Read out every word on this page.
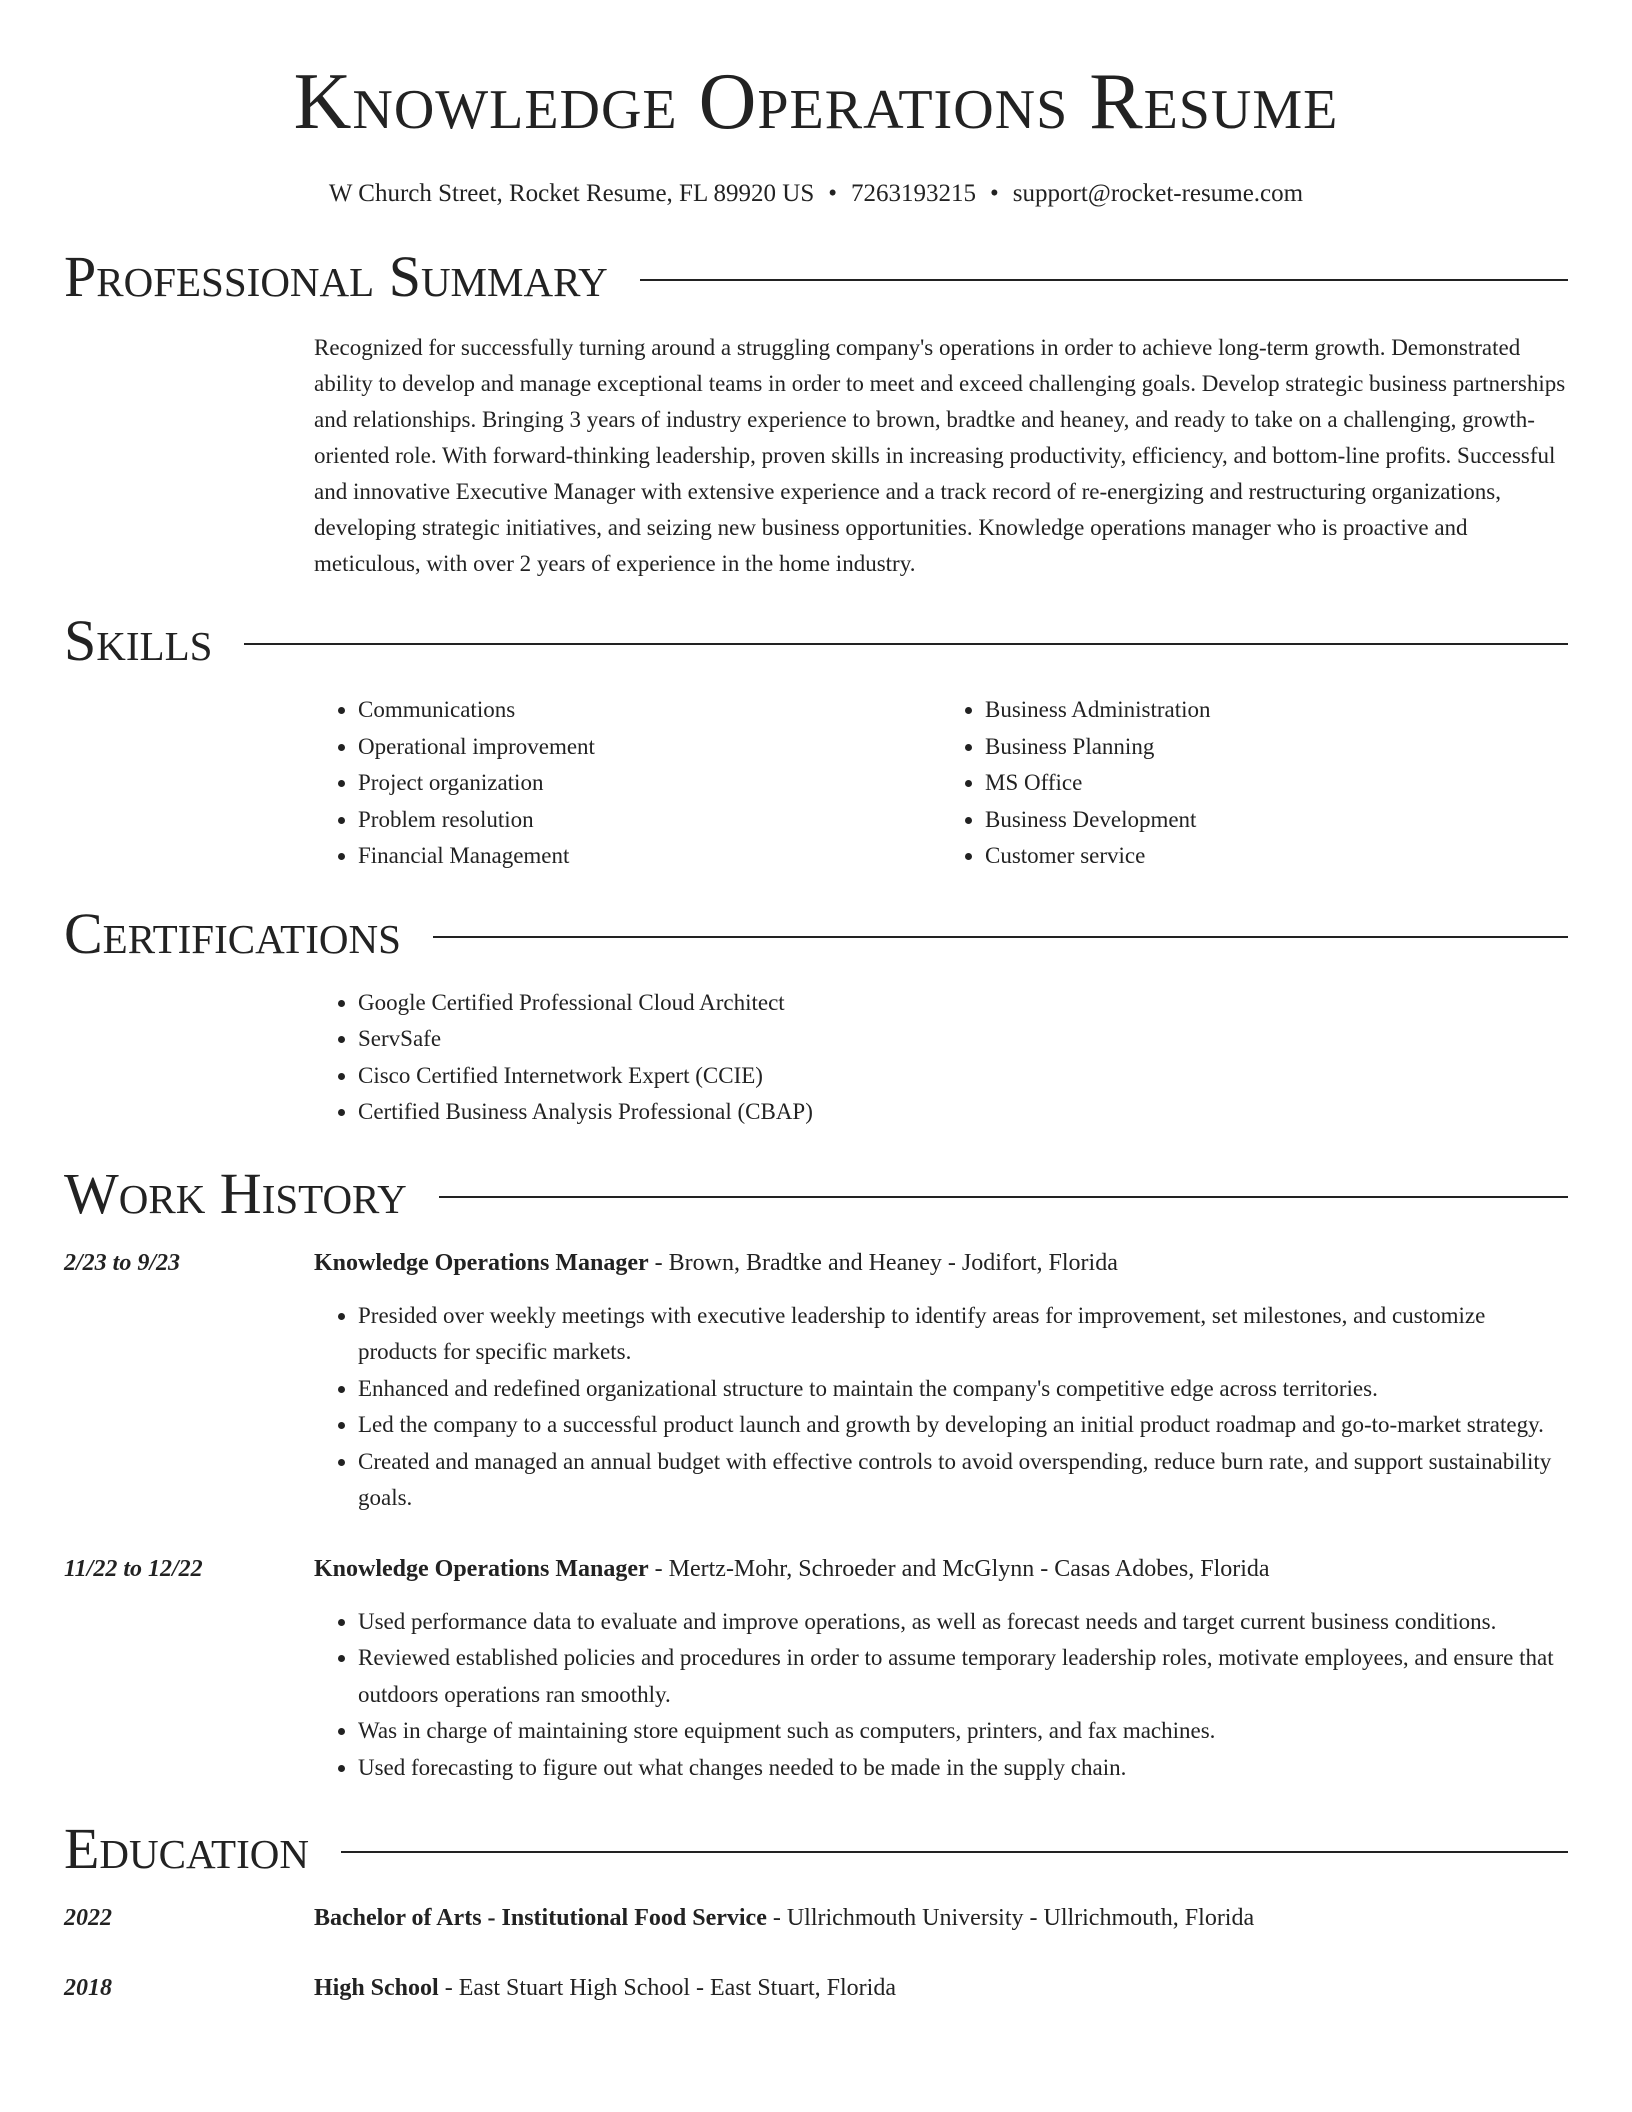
Knowledge Operations Resume
W Church Street, Rocket Resume, FL 89920 US • 7263193215 • support@rocket-resume.com
Professional Summary
Recognized for successfully turning around a struggling company's operations in order to achieve long-term growth. Demonstrated ability to develop and manage exceptional teams in order to meet and exceed challenging goals. Develop strategic business partnerships and relationships. Bringing 3 years of industry experience to brown, bradtke and heaney, and ready to take on a challenging, growth-oriented role. With forward-thinking leadership, proven skills in increasing productivity, efficiency, and bottom-line profits. Successful and innovative Executive Manager with extensive experience and a track record of re-energizing and restructuring organizations, developing strategic initiatives, and seizing new business opportunities. Knowledge operations manager who is proactive and meticulous, with over 2 years of experience in the home industry.
Skills
• Communications
• Operational improvement
• Project organization
• Problem resolution
• Financial Management
• Business Administration
• Business Planning
• MS Office
• Business Development
• Customer service
Certifications
• Google Certified Professional Cloud Architect
• ServSafe
• Cisco Certified Internetwork Expert (CCIE)
• Certified Business Analysis Professional (CBAP)
Work History
2/23 to 9/23	Knowledge Operations Manager - Brown, Bradtke and Heaney - Jodifort, Florida
• Presided over weekly meetings with executive leadership to identify areas for improvement, set milestones, and customize products for specific markets.
• Enhanced and redefined organizational structure to maintain the company's competitive edge across territories.
• Led the company to a successful product launch and growth by developing an initial product roadmap and go-to-market strategy.
• Created and managed an annual budget with effective controls to avoid overspending, reduce burn rate, and support sustainability goals.
11/22 to 12/22	Knowledge Operations Manager - Mertz-Mohr, Schroeder and McGlynn - Casas Adobes, Florida
• Used performance data to evaluate and improve operations, as well as forecast needs and target current business conditions.
• Reviewed established policies and procedures in order to assume temporary leadership roles, motivate employees, and ensure that outdoors operations ran smoothly.
• Was in charge of maintaining store equipment such as computers, printers, and fax machines.
• Used forecasting to figure out what changes needed to be made in the supply chain.
Education
2022	Bachelor of Arts - Institutional Food Service - Ullrichmouth University - Ullrichmouth, Florida
2018	High School - East Stuart High School - East Stuart, Florida
